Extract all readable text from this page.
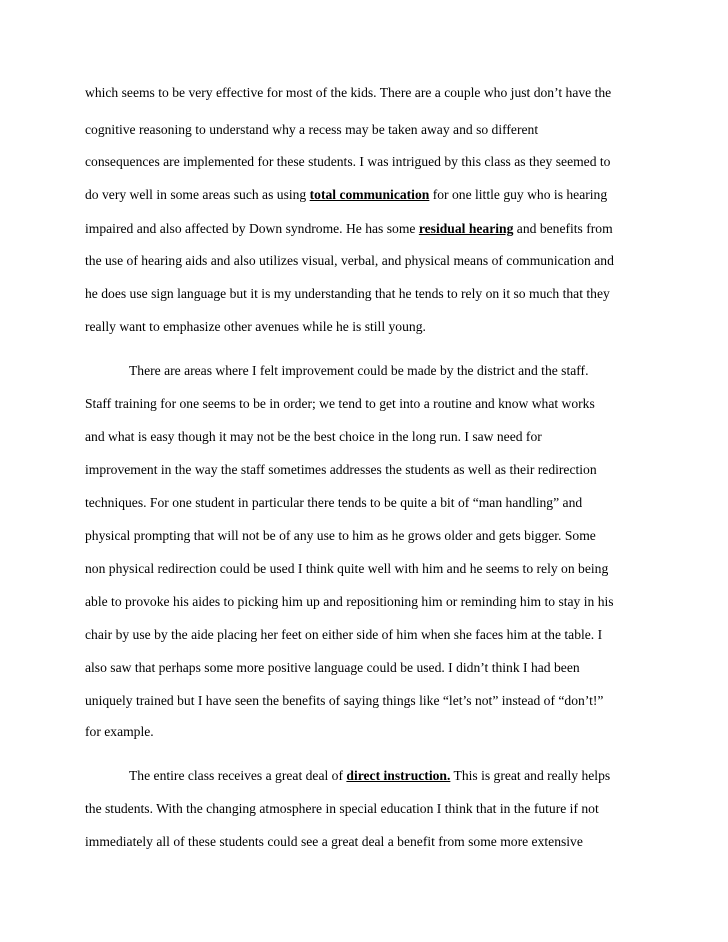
which seems to be very effective for most of the kids. There are a couple who just don’t have the
cognitive reasoning to understand why a recess may be taken away and so different
consequences are implemented for these students. I was intrigued by this class as they seemed to
do very well in some areas such as using total communication for one little guy who is hearing
impaired and also affected by Down syndrome. He has some residual hearing and benefits from
the use of hearing aids and also utilizes visual, verbal, and physical means of communication and
he does use sign language but it is my understanding that he tends to rely on it so much that they
really want to emphasize other avenues while he is still young.
There are areas where I felt improvement could be made by the district and the staff.
Staff training for one seems to be in order; we tend to get into a routine and know what works
and what is easy though it may not be the best choice in the long run. I saw need for
improvement in the way the staff sometimes addresses the students as well as their redirection
techniques. For one student in particular there tends to be quite a bit of “man handling” and
physical prompting that will not be of any use to him as he grows older and gets bigger. Some
non physical redirection could be used I think quite well with him and he seems to rely on being
able to provoke his aides to picking him up and repositioning him or reminding him to stay in his
chair by use by the aide placing her feet on either side of him when she faces him at the table. I
also saw that perhaps some more positive language could be used. I didn’t think I had been
uniquely trained but I have seen the benefits of saying things like “let’s not” instead of “don’t!”
for example.
The entire class receives a great deal of direct instruction. This is great and really helps
the students. With the changing atmosphere in special education I think that in the future if not
immediately all of these students could see a great deal a benefit from some more extensive
